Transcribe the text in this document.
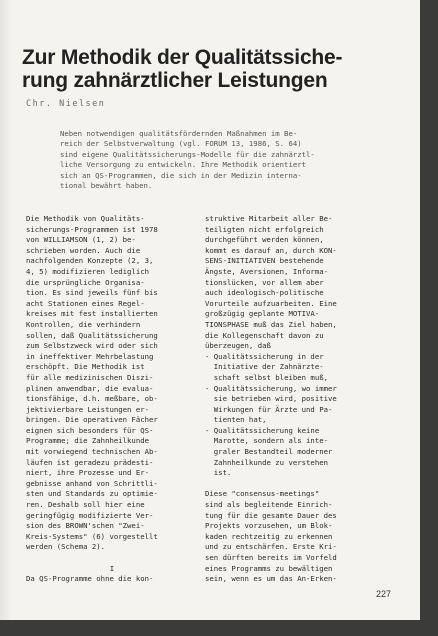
Zur Methodik der Qualitätssiche-
rung zahnärztlicher Leistungen
Chr. Nielsen
Neben notwendigen qualitätsfördernden Maßnahmen im Be-
reich der Selbstverwaltung (vgl. FORUM 13, 1986, S. 64)
sind eigene Qualitätssicherungs-Modelle für die zahnärztl-
liche Versorgung zu entwickeln. Ihre Methodik orientiert
sich an QS-Programmen, die sich in der Medizin interna-
tional bewährt haben.
Die Methodik von Qualitäts-
sicherungs-Programmen ist 1978
von WILLIAMSON (1, 2) be-
schrieben worden. Auch die
nachfolgenden Konzepte (2, 3,
4, 5) modifizieren lediglich
die ursprüngliche Organisa-
tion. Es sind jeweils fünf bis
acht Stationen eines Regel-
kreises mit fest installierten
Kontrollen, die verhindern
sollen, daß Qualitätssicherung
zum Selbstzweck wird oder sich
in ineffektiver Mehrbelastung
erschöpft. Die Methodik ist
für alle medizinischen Diszi-
plinen anwendbar, die evalua-
tionsfähige, d.h. meßbare, ob-
jektivierbare Leistungen er-
bringen. Die operativen Fächer
eignen sich besonders für QS-
Programme; die Zahnheilkunde
mit vorwiegend technischen Ab-
läufen ist geradezu prädesti-
niert, ihre Prozesse und Er-
gebnisse anhand von Schrittli-
sten und Standards zu optimie-
ren. Deshalb soll hier eine
geringfügig modifizierte Ver-
sion des BROWN'schen "Zwei-
Kreis-Systems" (6) vorgestellt
werden (Schema 2).
I
Da QS-Programme ohne die kon-
struktive Mitarbeit aller Be-
teiligten nicht erfolgreich
durchgeführt werden können,
kommt es darauf an, durch KON-
SENS-INITIATIVEN bestehende
Ängste, Aversionen, Informa-
tionslücken, vor allem aber
auch ideologisch-politische
Vorurteile aufzuarbeiten. Eine
großzügig geplante MOTIVA-
TIONSPHASE muß das Ziel haben,
die Kollegenschaft davon zu
überzeugen, daß
- Qualitätssicherung in der
Initiative der Zahnärzte-
schaft selbst bleiben muß,
- Qualitätssicherung, wo immer
sie betrieben wird, positive
Wirkungen für Ärzte und Pa-
tienten hat,
- Qualitätssicherung keine
Marotte, sondern als inte-
graler Bestandteil moderner
Zahnheilkunde zu verstehen
ist.
Diese "consensus-meetings"
sind als begleitende Einrich-
tung für die gesamte Dauer des
Projekts vorzusehen, um Blok-
kaden rechtzeitig zu erkennen
und zu entschärfen. Erste Kri-
sen dürften bereits im Vorfeld
eines Programms zu bewältigen
sein, wenn es um das An-Erken-
227
